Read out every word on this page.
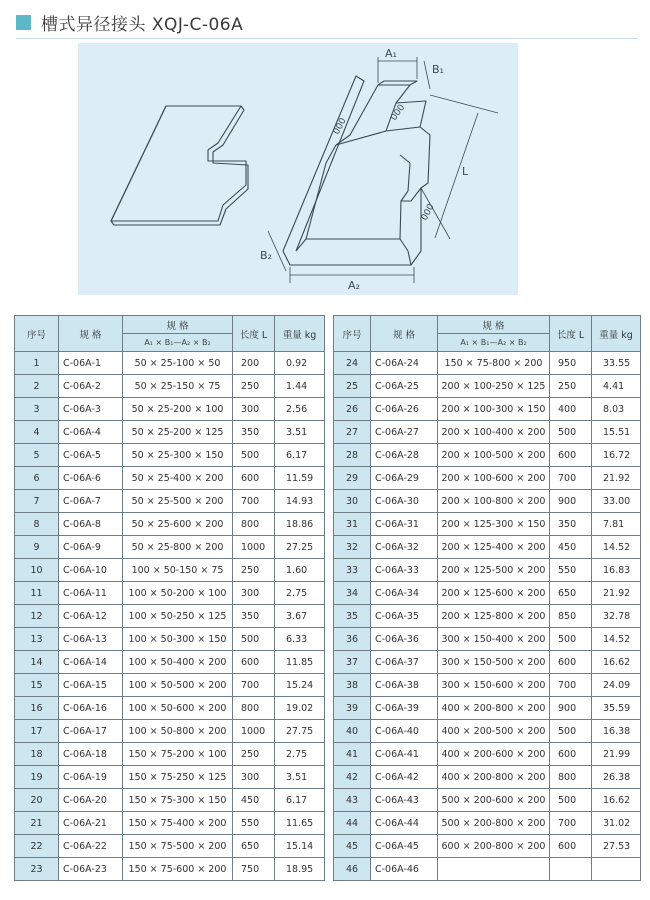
槽式异径接头 XQJ-C-06A
000
000
000
A₁
B₁
L
B₂
A₂
序号	规 格	规 格	长度 L	重量 kg
		A₁ × B₁—A₂ × B₂		
1	C-06A-1	50 × 25-100 × 50	200	0.92
2	C-06A-2	50 × 25-150 × 75	250	1.44
3	C-06A-3	50 × 25-200 × 100	300	2.56
4	C-06A-4	50 × 25-200 × 125	350	3.51
5	C-06A-5	50 × 25-300 × 150	500	6.17
6	C-06A-6	50 × 25-400 × 200	600	11.59
7	C-06A-7	50 × 25-500 × 200	700	14.93
8	C-06A-8	50 × 25-600 × 200	800	18.86
9	C-06A-9	50 × 25-800 × 200	1000	27.25
10	C-06A-10	100 × 50-150 × 75	250	1.60
11	C-06A-11	100 × 50-200 × 100	300	2.75
12	C-06A-12	100 × 50-250 × 125	350	3.67
13	C-06A-13	100 × 50-300 × 150	500	6.33
14	C-06A-14	100 × 50-400 × 200	600	11.85
15	C-06A-15	100 × 50-500 × 200	700	15.24
16	C-06A-16	100 × 50-600 × 200	800	19.02
17	C-06A-17	100 × 50-800 × 200	1000	27.75
18	C-06A-18	150 × 75-200 × 100	250	2.75
19	C-06A-19	150 × 75-250 × 125	300	3.51
20	C-06A-20	150 × 75-300 × 150	450	6.17
21	C-06A-21	150 × 75-400 × 200	550	11.65
22	C-06A-22	150 × 75-500 × 200	650	15.14
23	C-06A-23	150 × 75-600 × 200	750	18.95
序号	规 格	规 格	长度 L	重量 kg
		A₁ × B₁—A₂ × B₂		
24	C-06A-24	150 × 75-800 × 200	950	33.55
25	C-06A-25	200 × 100-250 × 125	250	4.41
26	C-06A-26	200 × 100-300 × 150	400	8.03
27	C-06A-27	200 × 100-400 × 200	500	15.51
28	C-06A-28	200 × 100-500 × 200	600	16.72
29	C-06A-29	200 × 100-600 × 200	700	21.92
30	C-06A-30	200 × 100-800 × 200	900	33.00
31	C-06A-31	200 × 125-300 × 150	350	7.81
32	C-06A-32	200 × 125-400 × 200	450	14.52
33	C-06A-33	200 × 125-500 × 200	550	16.83
34	C-06A-34	200 × 125-600 × 200	650	21.92
35	C-06A-35	200 × 125-800 × 200	850	32.78
36	C-06A-36	300 × 150-400 × 200	500	14.52
37	C-06A-37	300 × 150-500 × 200	600	16.62
38	C-06A-38	300 × 150-600 × 200	700	24.09
39	C-06A-39	400 × 200-800 × 200	900	35.59
40	C-06A-40	400 × 200-500 × 200	500	16.38
41	C-06A-41	400 × 200-600 × 200	600	21.99
42	C-06A-42	400 × 200-800 × 200	800	26.38
43	C-06A-43	500 × 200-600 × 200	500	16.62
44	C-06A-44	500 × 200-800 × 200	700	31.02
45	C-06A-45	600 × 200-800 × 200	600	27.53
46	C-06A-46			
